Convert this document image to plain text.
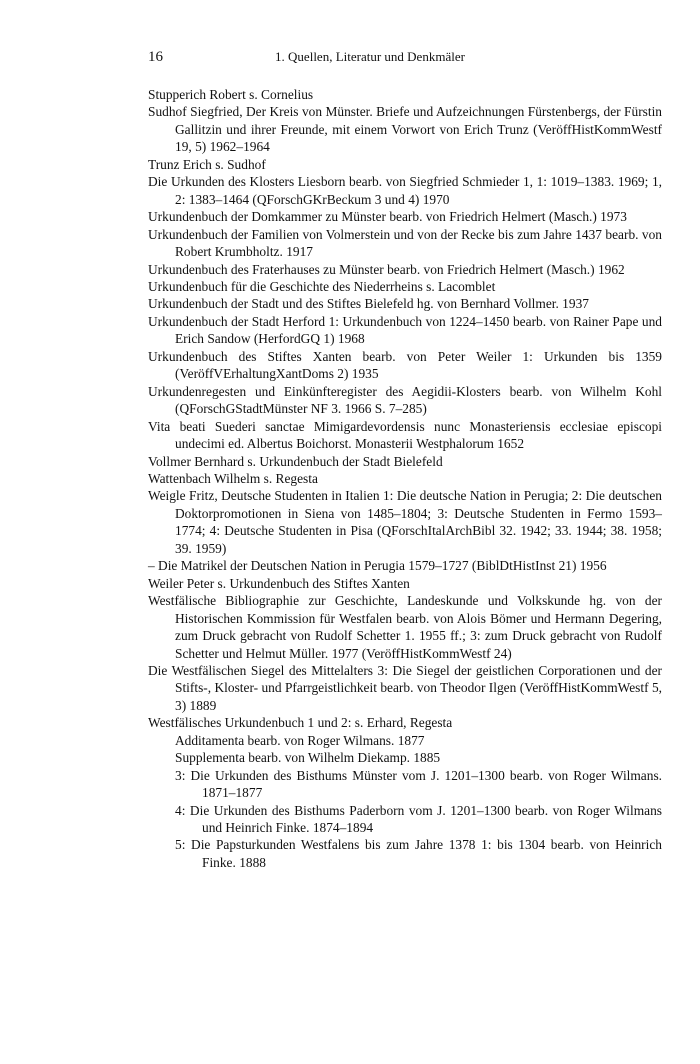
16	1. Quellen, Literatur und Denkmäler
Stupperich Robert s. Cornelius
Sudhof Siegfried, Der Kreis von Münster. Briefe und Aufzeichnungen Fürstenbergs, der Fürstin Gallitzin und ihrer Freunde, mit einem Vorwort von Erich Trunz (VeröffHistKommWestf 19, 5) 1962–1964
Trunz Erich s. Sudhof
Die Urkunden des Klosters Liesborn bearb. von Siegfried Schmieder 1, 1: 1019–1383. 1969; 1, 2: 1383–1464 (QForschGKrBeckum 3 und 4) 1970
Urkundenbuch der Domkammer zu Münster bearb. von Friedrich Helmert (Masch.) 1973
Urkundenbuch der Familien von Volmerstein und von der Recke bis zum Jahre 1437 bearb. von Robert Krumbholtz. 1917
Urkundenbuch des Fraterhauses zu Münster bearb. von Friedrich Helmert (Masch.) 1962
Urkundenbuch für die Geschichte des Niederrheins s. Lacomblet
Urkundenbuch der Stadt und des Stiftes Bielefeld hg. von Bernhard Vollmer. 1937
Urkundenbuch der Stadt Herford 1: Urkundenbuch von 1224–1450 bearb. von Rainer Pape und Erich Sandow (HerfordGQ 1) 1968
Urkundenbuch des Stiftes Xanten bearb. von Peter Weiler 1: Urkunden bis 1359 (VeröffVErhaltungXantDoms 2) 1935
Urkundenregesten und Einkünfteregister des Aegidii-Klosters bearb. von Wilhelm Kohl (QForschGStadtMünster NF 3. 1966 S. 7–285)
Vita beati Suederi sanctae Mimigardevordensis nunc Monasteriensis ecclesiae episcopi undecimi ed. Albertus Boichorst. Monasterii Westphalorum 1652
Vollmer Bernhard s. Urkundenbuch der Stadt Bielefeld
Wattenbach Wilhelm s. Regesta
Weigle Fritz, Deutsche Studenten in Italien 1: Die deutsche Nation in Perugia; 2: Die deutschen Doktorpromotionen in Siena von 1485–1804; 3: Deutsche Studenten in Fermo 1593–1774; 4: Deutsche Studenten in Pisa (QForschItalArchBibl 32. 1942; 33. 1944; 38. 1958; 39. 1959)
– Die Matrikel der Deutschen Nation in Perugia 1579–1727 (BiblDtHistInst 21) 1956
Weiler Peter s. Urkundenbuch des Stiftes Xanten
Westfälische Bibliographie zur Geschichte, Landeskunde und Volkskunde hg. von der Historischen Kommission für Westfalen bearb. von Alois Bömer und Hermann Degering, zum Druck gebracht von Rudolf Schetter 1. 1955 ff.; 3: zum Druck gebracht von Rudolf Schetter und Helmut Müller. 1977 (VeröffHistKommWestf 24)
Die Westfälischen Siegel des Mittelalters 3: Die Siegel der geistlichen Corporationen und der Stifts-, Kloster- und Pfarrgeistlichkeit bearb. von Theodor Ilgen (VeröffHistKommWestf 5, 3) 1889
Westfälisches Urkundenbuch 1 und 2: s. Erhard, Regesta
Additamenta bearb. von Roger Wilmans. 1877
Supplementa bearb. von Wilhelm Diekamp. 1885
3: Die Urkunden des Bisthums Münster vom J. 1201–1300 bearb. von Roger Wilmans. 1871–1877
4: Die Urkunden des Bisthums Paderborn vom J. 1201–1300 bearb. von Roger Wilmans und Heinrich Finke. 1874–1894
5: Die Papsturkunden Westfalens bis zum Jahre 1378 1: bis 1304 bearb. von Heinrich Finke. 1888
